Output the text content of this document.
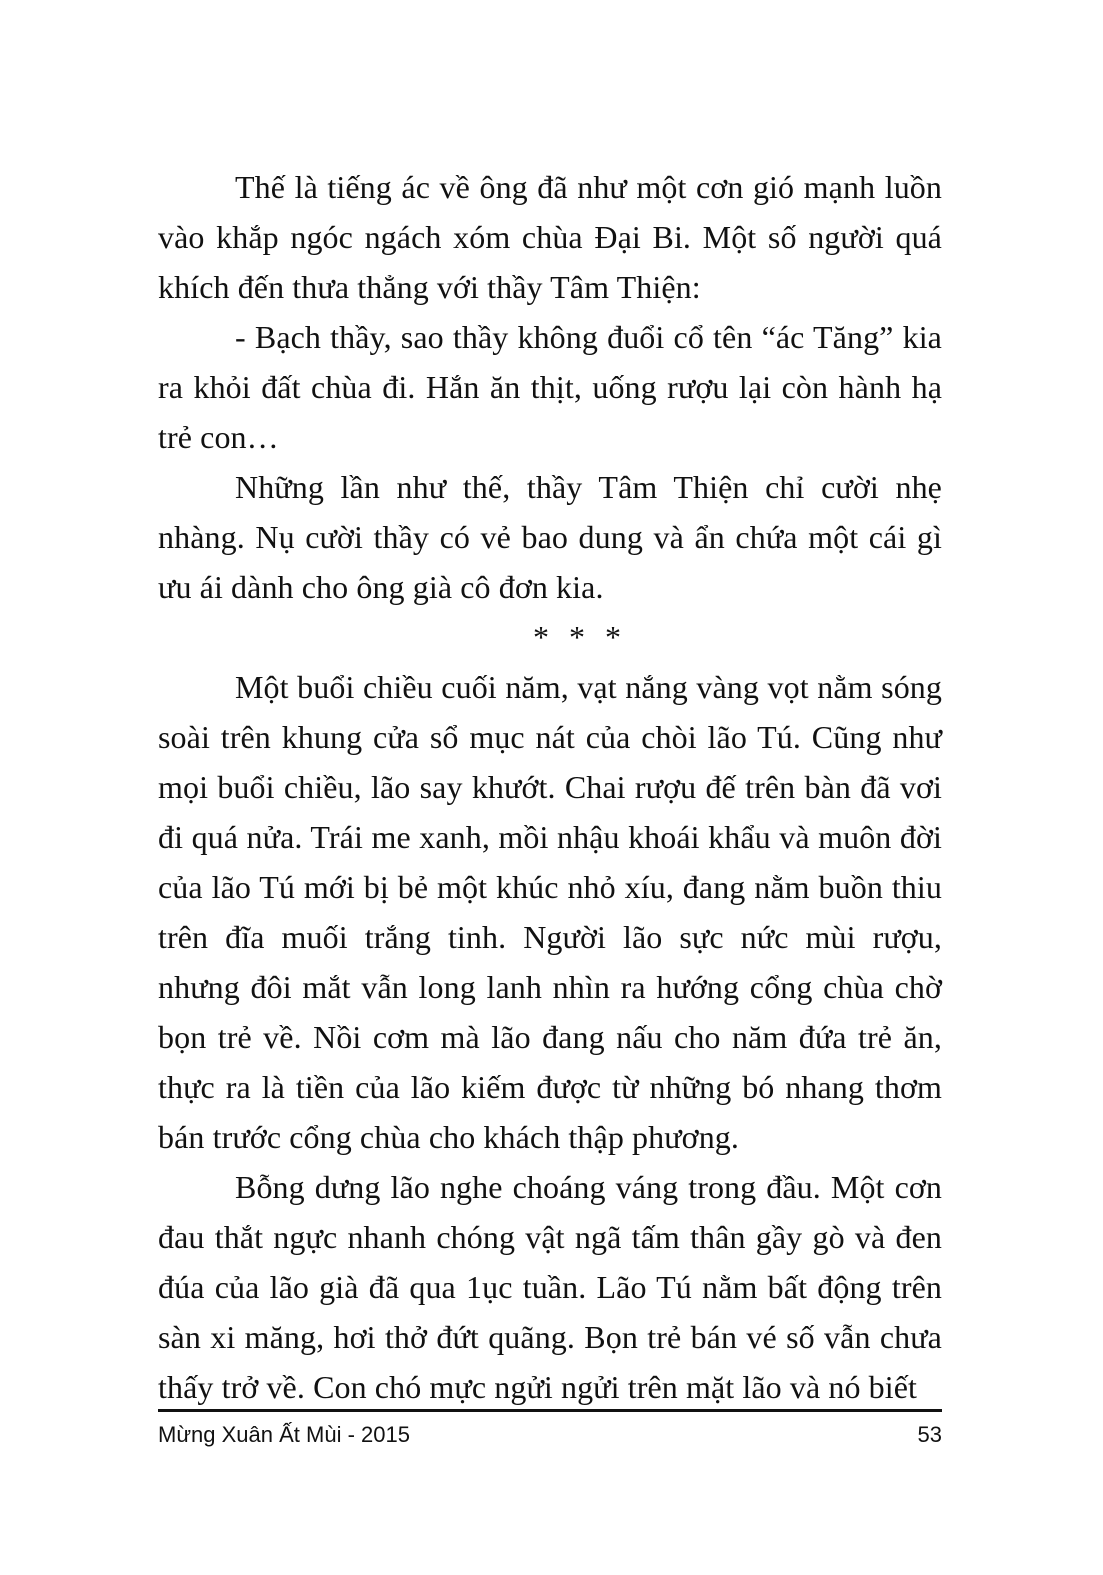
Thế là tiếng ác về ông đã như một cơn gió mạnh luồn vào khắp ngóc ngách xóm chùa Đại Bi. Một số người quá khích đến thưa thẳng với thầy Tâm Thiện:

- Bạch thầy, sao thầy không đuổi cổ tên “ác Tăng” kia ra khỏi đất chùa đi. Hắn ăn thịt, uống rượu lại còn hành hạ trẻ con…

Những lần như thế, thầy Tâm Thiện chỉ cười nhẹ nhàng. Nụ cười thầy có vẻ bao dung và ẩn chứa một cái gì ưu ái dành cho ông già cô đơn kia.

* * *

Một buổi chiều cuối năm, vạt nắng vàng vọt nằm sóng soài trên khung cửa sổ mục nát của chòi lão Tú. Cũng như mọi buổi chiều, lão say khướt. Chai rượu đế trên bàn đã vơi đi quá nửa. Trái me xanh, mồi nhậu khoái khẩu và muôn đời của lão Tú mới bị bẻ một khúc nhỏ xíu, đang nằm buồn thiu trên đĩa muối trắng tinh. Người lão sực nức mùi rượu, nhưng đôi mắt vẫn long lanh nhìn ra hướng cổng chùa chờ bọn trẻ về. Nồi cơm mà lão đang nấu cho năm đứa trẻ ăn, thực ra là tiền của lão kiếm được từ những bó nhang thơm bán trước cổng chùa cho khách thập phương.

Bỗng dưng lão nghe choáng váng trong đầu. Một cơn đau thắt ngực nhanh chóng vật ngã tấm thân gầy gò và đen đúa của lão già đã qua 1ục tuần. Lão Tú nằm bất động trên sàn xi măng, hơi thở đứt quãng. Bọn trẻ bán vé số vẫn chưa thấy trở về. Con chó mực ngửi ngửi trên mặt lão và nó biết

Mừng Xuân Ất Mùi - 2015	53
